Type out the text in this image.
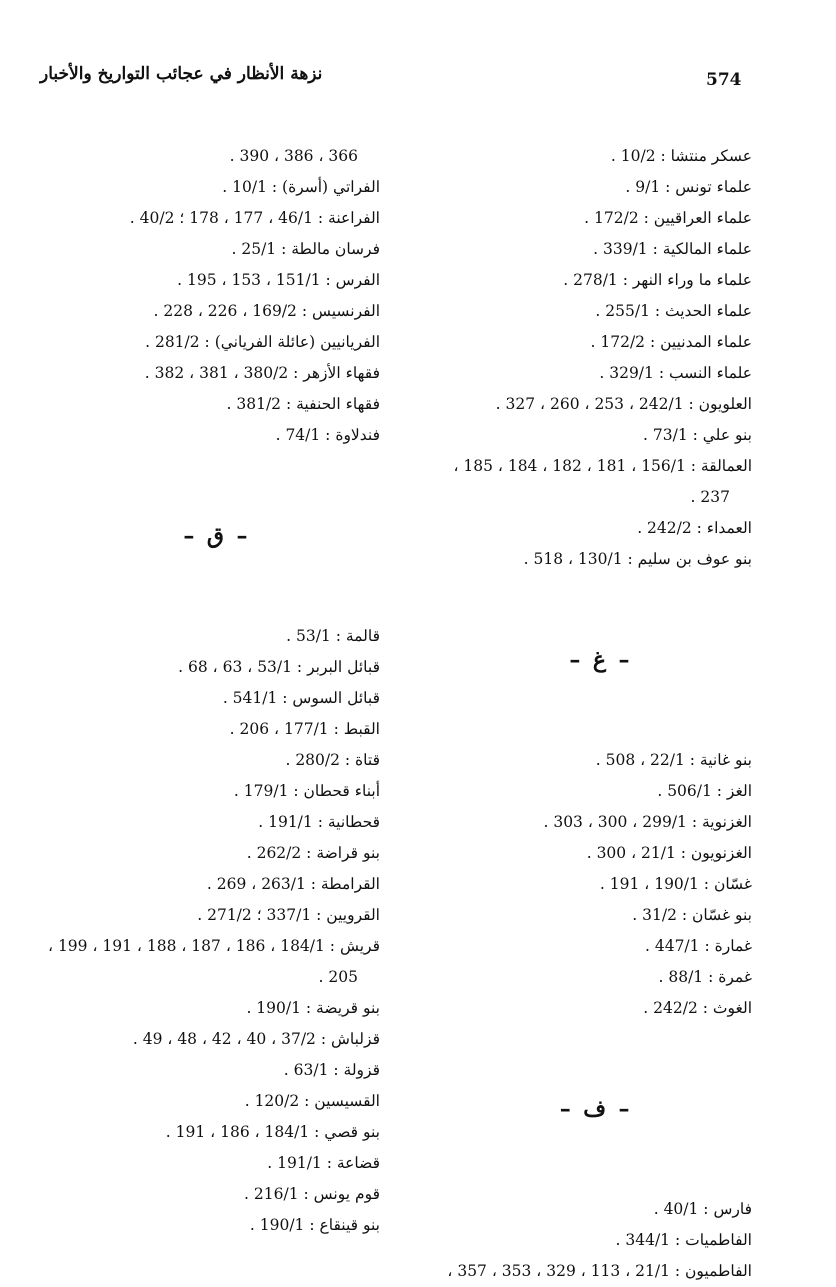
574
نزهة الأنظار في عجائب التواريخ والأخبار
عسكر منتشا : 10/2 .
علماء تونس : 9/1 .
علماء العراقيين : 172/2 .
علماء المالكية : 339/1 .
علماء ما وراء النهر : 278/1 .
علماء الحديث : 255/1 .
علماء المدنيين : 172/2 .
علماء النسب : 329/1 .
العلويون : 242/1 ، 253 ، 260 ، 327 .
بنو علي : 73/1 .
العمالقة : 156/1 ، 181 ، 182 ، 184 ، 185 ،
237 .
العمداء : 242/2 .
بنو عوف بن سليم : 130/1 ، 518 .
–غ–
بنو غانية : 22/1 ، 508 .
الغز : 506/1 .
الغزنوية : 299/1 ، 300 ، 303 .
الغزنويون : 21/1 ، 300 .
غسّان : 190/1 ، 191 .
بنو غسّان : 31/2 .
غمارة : 447/1 .
غمرة : 88/1 .
الغوث : 242/2 .
–ف–
فارس : 40/1 .
الفاطميات : 344/1 .
الفاطميون : 21/1 ، 113 ، 329 ، 353 ، 357 ،
366 ، 386 ، 390 .
الفراتي (أسرة) : 10/1 .
الفراعنة : 46/1 ، 177 ، 178 ؛ 40/2 .
فرسان مالطة : 25/1 .
الفرس : 151/1 ، 153 ، 195 .
الفرنسيس : 169/2 ، 226 ، 228 .
الفريانيين (عائلة الفرياني) : 281/2 .
فقهاء الأزهر : 380/2 ، 381 ، 382 .
فقهاء الحنفية : 381/2 .
فندلاوة : 74/1 .
–ق–
قالمة : 53/1 .
قبائل البربر : 53/1 ، 63 ، 68 .
قبائل السوس : 541/1 .
القبط : 177/1 ، 206 .
قتاة : 280/2 .
أبناء قحطان : 179/1 .
قحطانية : 191/1 .
بنو قراضة : 262/2 .
القرامطة : 263/1 ، 269 .
القرويين : 337/1 ؛ 271/2 .
قريش : 184/1 ، 186 ، 187 ، 188 ، 191 ، 199 ،
205 .
بنو قريضة : 190/1 .
قزلباش : 37/2 ، 40 ، 42 ، 48 ، 49 .
قزولة : 63/1 .
القسيسين : 120/2 .
بنو قصي : 184/1 ، 186 ، 191 .
قضاعة : 191/1 .
قوم يونس : 216/1 .
بنو قينقاع : 190/1 .
